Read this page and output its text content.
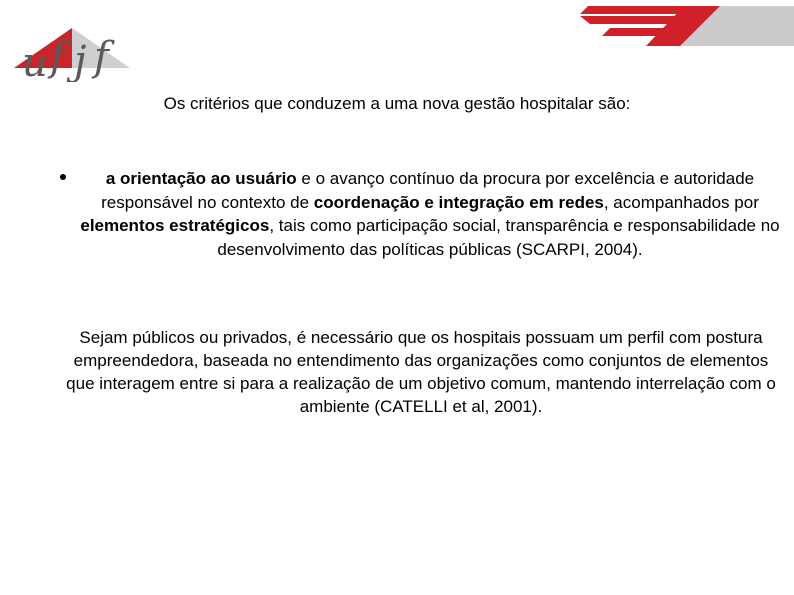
u f j f
Os critérios que conduzem a uma nova gestão hospitalar são:

a orientação ao usuário e o avanço contínuo da procura por excelência e autoridade responsável no contexto de coordenação e integração em redes, acompanhados por elementos estratégicos, tais como participação social, transparência e responsabilidade no desenvolvimento das políticas públicas (SCARPI, 2004).

Sejam públicos ou privados, é necessário que os hospitais possuam um perfil com postura empreendedora, baseada no entendimento das organizações como conjuntos de elementos que interagem entre si para a realização de um objetivo comum, mantendo interrelação com o ambiente (CATELLI et al, 2001).
